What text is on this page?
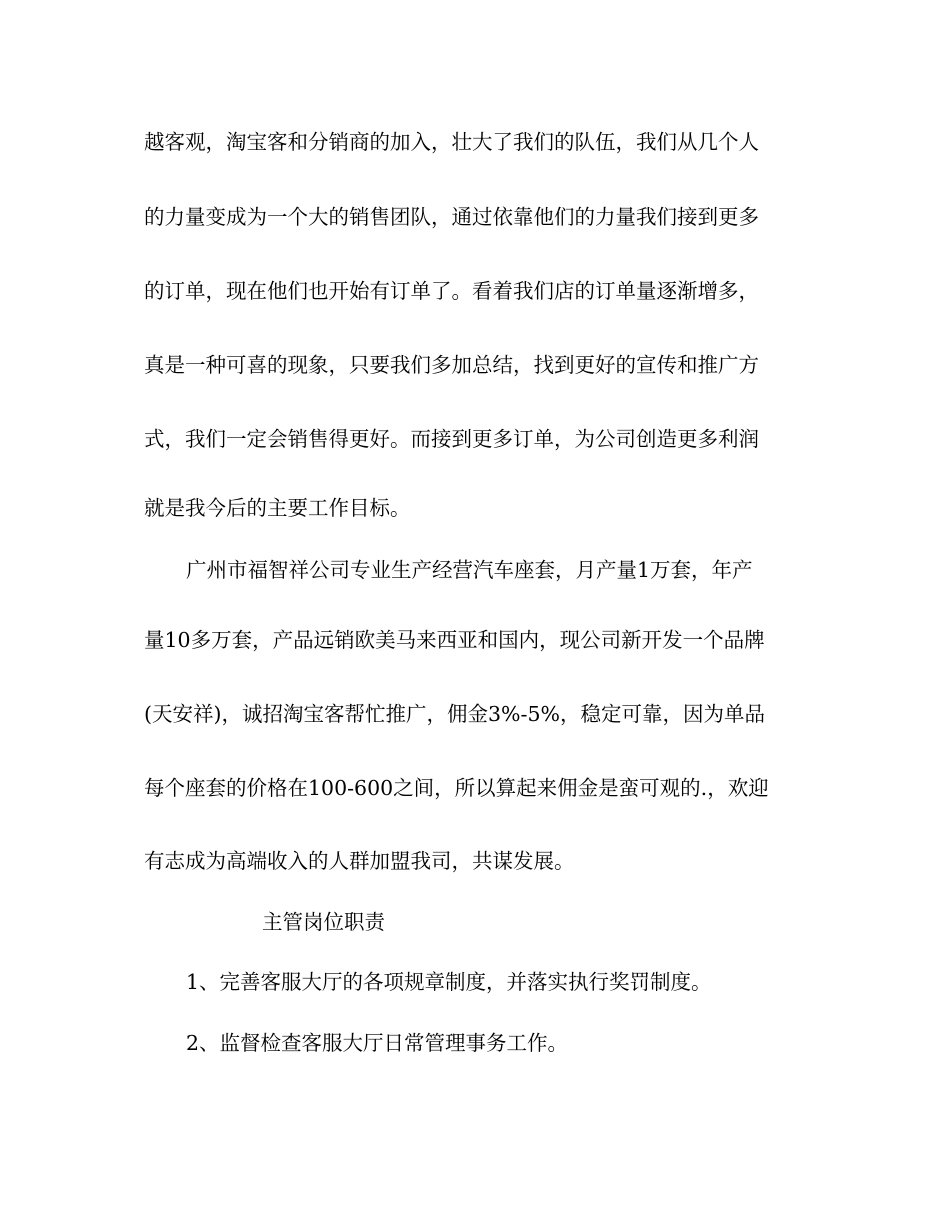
越客观，淘宝客和分销商的加入，壮大了我们的队伍，我们从几个人

的力量变成为一个大的销售团队，通过依靠他们的力量我们接到更多

的订单，现在他们也开始有订单了。看着我们店的订单量逐渐增多，

真是一种可喜的现象，只要我们多加总结，找到更好的宣传和推广方

式，我们一定会销售得更好。而接到更多订单，为公司创造更多利润

就是我今后的主要工作目标。

广州市福智祥公司专业生产经营汽车座套，月产量1万套，年产

量10多万套，产品远销欧美马来西亚和国内，现公司新开发一个品牌

(天安祥)，诚招淘宝客帮忙推广，佣金3%-5%，稳定可靠，因为单品

每个座套的价格在100-600之间，所以算起来佣金是蛮可观的.，欢迎

有志成为高端收入的人群加盟我司，共谋发展。

主管岗位职责

1、完善客服大厅的各项规章制度，并落实执行奖罚制度。

2、监督检查客服大厅日常管理事务工作。
